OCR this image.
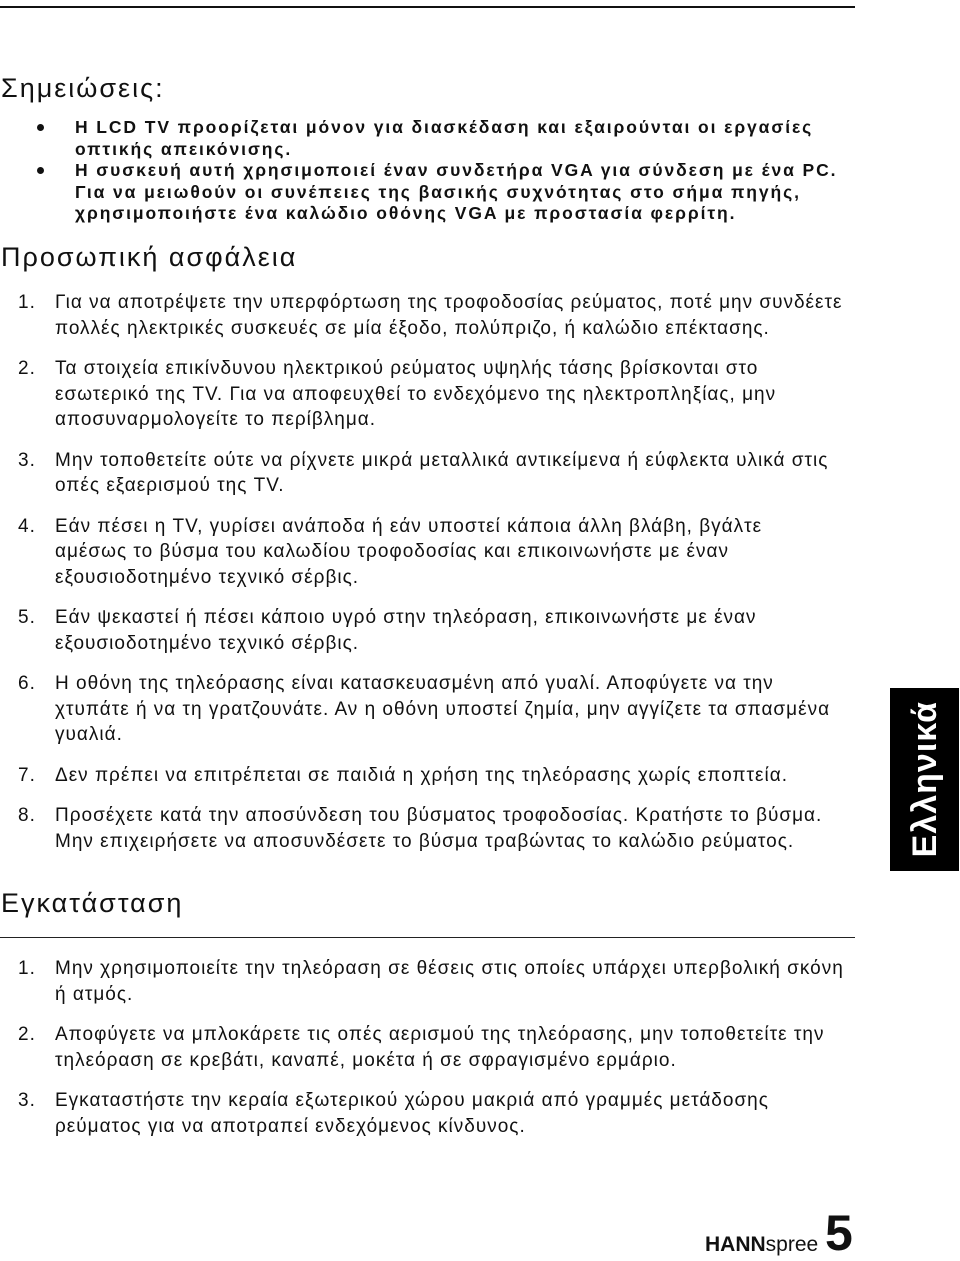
Σημειώσεις:
Η LCD TV προορίζεται μόνον για διασκέδαση και εξαιρούνται οι εργασίες
οπτικής απεικόνισης.
Η συσκευή αυτή χρησιμοποιεί έναν συνδετήρα VGA για σύνδεση με ένα PC.
Για να μειωθούν οι συνέπειες της βασικής συχνότητας στο σήμα πηγής,
χρησιμοποιήστε ένα καλώδιο οθόνης VGA με προστασία φερρίτη.
Προσωπική ασφάλεια
1. Για να αποτρέψετε την υπερφόρτωση της τροφοδοσίας ρεύματος, ποτέ μην συνδέετε
πολλές ηλεκτρικές συσκευές σε μία έξοδο, πολύπριζο, ή καλώδιο επέκτασης.
2. Τα στοιχεία επικίνδυνου ηλεκτρικού ρεύματος υψηλής τάσης βρίσκονται στο
εσωτερικό της TV. Για να αποφευχθεί το ενδεχόμενο της ηλεκτροπληξίας, μην
αποσυναρμολογείτε το περίβλημα.
3. Μην τοποθετείτε ούτε να ρίχνετε μικρά μεταλλικά αντικείμενα ή εύφλεκτα υλικά στις
οπές εξαερισμού της TV.
4. Εάν πέσει η TV, γυρίσει ανάποδα ή εάν υποστεί κάποια άλλη βλάβη, βγάλτε
αμέσως το βύσμα του καλωδίου τροφοδοσίας και επικοινωνήστε με έναν
εξουσιοδοτημένο τεχνικό σέρβις.
5. Εάν ψεκαστεί ή πέσει κάποιο υγρό στην τηλεόραση, επικοινωνήστε με έναν
εξουσιοδοτημένο τεχνικό σέρβις.
6. Η οθόνη της τηλεόρασης είναι κατασκευασμένη από γυαλί. Αποφύγετε να την
χτυπάτε ή να τη γρατζουνάτε. Αν η οθόνη υποστεί ζημία, μην αγγίζετε τα σπασμένα
γυαλιά.
7. Δεν πρέπει να επιτρέπεται σε παιδιά η χρήση της τηλεόρασης χωρίς εποπτεία.
8. Προσέχετε κατά την αποσύνδεση του βύσματος τροφοδοσίας. Κρατήστε το βύσμα.
Μην επιχειρήσετε να αποσυνδέσετε το βύσμα τραβώντας το καλώδιο ρεύματος.
Εγκατάσταση
1. Μην χρησιμοποιείτε την τηλεόραση σε θέσεις στις οποίες υπάρχει υπερβολική σκόνη
ή ατμός.
2. Αποφύγετε να μπλοκάρετε τις οπές αερισμού της τηλεόρασης, μην τοποθετείτε την
τηλεόραση σε κρεβάτι, καναπέ, μοκέτα ή σε σφραγισμένο ερμάριο.
3. Εγκαταστήστε την κεραία εξωτερικού χώρου μακριά από γραμμές μετάδοσης
ρεύματος για να αποτραπεί ενδεχόμενος κίνδυνος.
Ελληνικά
HANNspree 5
